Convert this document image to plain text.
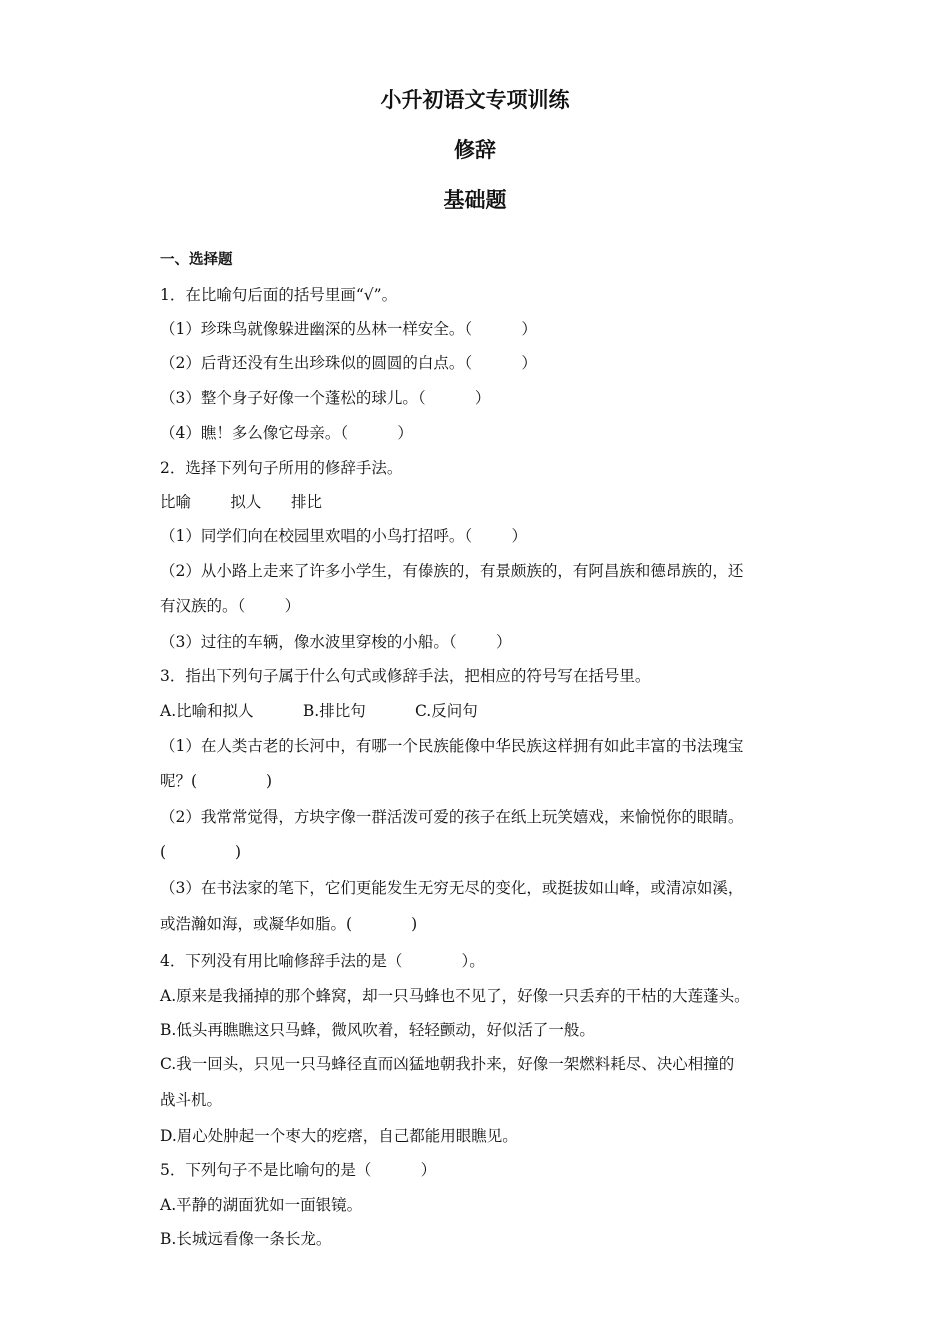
小升初语文专项训练
修辞
基础题
一、选择题

1．在比喻句后面的括号里画“√”。

（1）珍珠鸟就像躲进幽深的丛林一样安全。（          ）

（2）后背还没有生出珍珠似的圆圆的白点。（          ）

（3）整个身子好像一个蓬松的球儿。（          ）

（4）瞧！多么像它母亲。（          ）

2．选择下列句子所用的修辞手法。

比喻        拟人      排比

（1）同学们向在校园里欢唱的小鸟打招呼。（        ）

（2）从小路上走来了许多小学生，有傣族的，有景颇族的，有阿昌族和德昂族的，还

有汉族的。（        ）

（3）过往的车辆，像水波里穿梭的小船。（        ）

3．指出下列句子属于什么句式或修辞手法，把相应的符号写在括号里。

A.比喻和拟人          B.排比句          C.反问句

（1）在人类古老的长河中，有哪一个民族能像中华民族这样拥有如此丰富的书法瑰宝

呢？(              )

（2）我常常觉得，方块字像一群活泼可爱的孩子在纸上玩笑嬉戏，来愉悦你的眼睛。

(              )

（3）在书法家的笔下，它们更能发生无穷无尽的变化，或挺拔如山峰，或清凉如溪，

或浩瀚如海，或凝华如脂。(            )

4．下列没有用比喻修辞手法的是（            ）。

A.原来是我捅掉的那个蜂窝，却一只马蜂也不见了，好像一只丢弃的干枯的大莲蓬头。

B.低头再瞧瞧这只马蜂，微风吹着，轻轻颤动，好似活了一般。

C.我一回头，只见一只马蜂径直而凶猛地朝我扑来，好像一架燃料耗尽、决心相撞的

战斗机。

D.眉心处肿起一个枣大的疙瘩，自己都能用眼瞧见。

5．下列句子不是比喻句的是（          ）

A.平静的湖面犹如一面银镜。

B.长城远看像一条长龙。
